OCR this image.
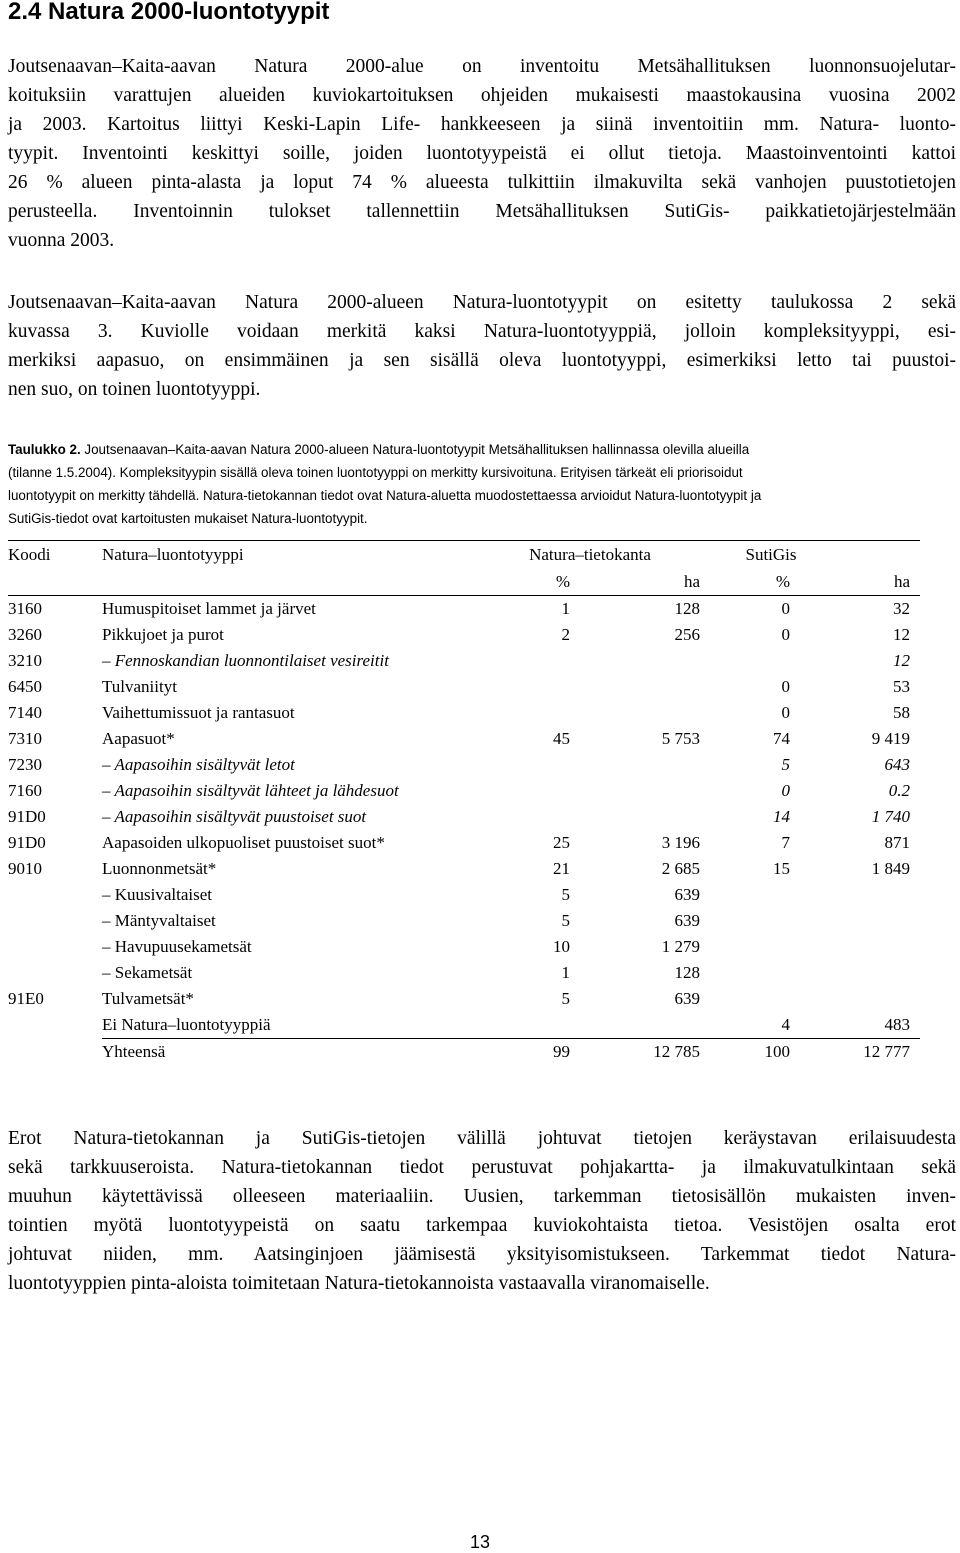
2.4 Natura 2000-luontotyypit
Joutsenaavan–Kaita-aavan Natura 2000-alue on inventoitu Metsähallituksen luonnonsuojelutar-
koituksiin varattujen alueiden kuviokartoituksen ohjeiden mukaisesti maastokausina vuosina 2002
ja 2003. Kartoitus liittyi Keski-Lapin Life- hankkeeseen ja siinä inventoitiin mm. Natura- luonto-
tyypit. Inventointi keskittyi soille, joiden luontotyypeistä ei ollut tietoja. Maastoinventointi kattoi
26 % alueen pinta-alasta ja loput 74 % alueesta tulkittiin ilmakuvilta sekä vanhojen puustotietojen
perusteella. Inventoinnin tulokset tallennettiin Metsähallituksen SutiGis- paikkatietojärjestelmään
vuonna 2003.
Joutsenaavan–Kaita-aavan Natura 2000-alueen Natura-luontotyypit on esitetty taulukossa 2 sekä
kuvassa 3. Kuviolle voidaan merkitä kaksi Natura-luontotyyppiä, jolloin kompleksityyppi, esi-
merkiksi aapasuo, on ensimmäinen ja sen sisällä oleva luontotyyppi, esimerkiksi letto tai puustoi-
nen suo, on toinen luontotyyppi.
Taulukko 2. Joutsenaavan–Kaita-aavan Natura 2000-alueen Natura-luontotyypit Metsähallituksen hallinnassa olevilla alueilla
(tilanne 1.5.2004). Kompleksityypin sisällä oleva toinen luontotyyppi on merkitty kursivoituna. Erityisen tärkeät eli priorisoidut
luontotyypit on merkitty tähdellä. Natura-tietokannan tiedot ovat Natura-aluetta muodostettaessa arvioidut Natura-luontotyypit ja
SutiGis-tiedot ovat kartoitusten mukaiset Natura-luontotyypit.
Koodi	Natura–luontotyyppi	Natura–tietokanta		SutiGis	
		%	ha	%	ha
3160	Humuspitoiset lammet ja järvet	1	128	0	32
3260	Pikkujoet ja purot	2	256	0	12
3210	– Fennoskandian luonnontilaiset vesireitit				12
6450	Tulvaniityt			0	53
7140	Vaihettumissuot ja rantasuot			0	58
7310	Aapasuot*	45	5 753	74	9 419
7230	– Aapasoihin sisältyvät letot			5	643
7160	– Aapasoihin sisältyvät lähteet ja lähdesuot			0	0.2
91D0	– Aapasoihin sisältyvät puustoiset suot			14	1 740
91D0	Aapasoiden ulkopuoliset puustoiset suot*	25	3 196	7	871
9010	Luonnonmetsät*	21	2 685	15	1 849
	– Kuusivaltaiset	5	639		
	– Mäntyvaltaiset	5	639		
	– Havupuusekametsät	10	1 279		
	– Sekametsät	1	128		
91E0	Tulvametsät*	5	639		
	Ei Natura–luontotyyppiä			4	483
	Yhteensä	99	12 785	100	12 777
Erot Natura-tietokannan ja SutiGis-tietojen välillä johtuvat tietojen keräystavan erilaisuudesta
sekä tarkkuuseroista. Natura-tietokannan tiedot perustuvat pohjakartta- ja ilmakuvatulkintaan sekä
muuhun käytettävissä olleeseen materiaaliin. Uusien, tarkemman tietosisällön mukaisten inven-
tointien myötä luontotyypeistä on saatu tarkempaa kuviokohtaista tietoa. Vesistöjen osalta erot
johtuvat niiden, mm. Aatsinginjoen jäämisestä yksityisomistukseen. Tarkemmat tiedot Natura-
luontotyyppien pinta-aloista toimitetaan Natura-tietokannoista vastaavalla viranomaiselle.
13
